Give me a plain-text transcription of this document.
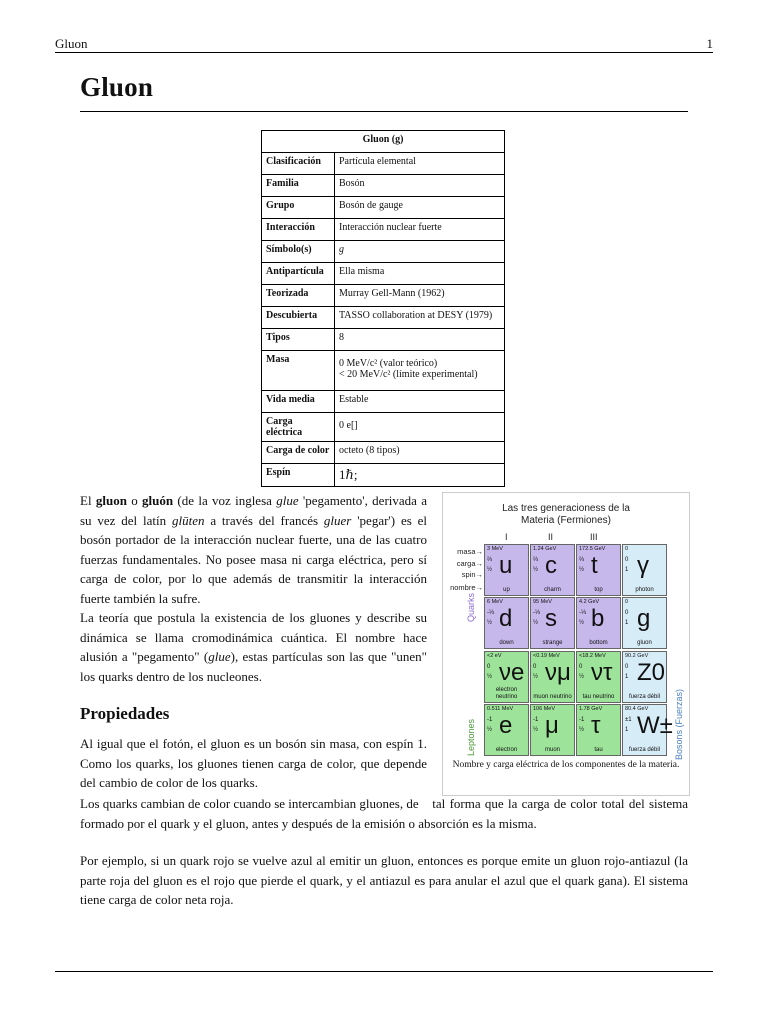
Gluon	1
Gluon
Gluon (g)	
Clasificación	Partícula elemental
Familia	Bosón
Grupo	Bosón de gauge
Interacción	Interacción nuclear fuerte
Símbolo(s)	g
Antipartícula	Ella misma
Teorizada	Murray Gell-Mann (1962)
Descubierta	TASSO collaboration at DESY (1979)
Tipos	8
Masa	0 MeV/c² (valor teórico)
< 20 MeV/c² (límite experimental)

Vida media	Estable
Carga eléctrica	0 e[]

Carga de color	octeto (8 tipos)
Espín	1ℏ;
El gluon o gluón (de la voz inglesa glue 'pegamento', derivada a su vez del latín glūten a través del francés gluer 'pegar') es el bosón portador de la interacción nuclear fuerte, una de las cuatro fuerzas fundamentales. No posee masa ni carga eléctrica, pero sí carga de color, por lo que además de transmitir la interacción fuerte también la sufre.
La teoría que postula la existencia de los gluones y describe su dinámica se llama cromodinámica cuántica. El nombre hace alusión a "pegamento" (glue), estas partículas son las que "unen" los quarks dentro de los nucleones.
Propiedades
Al igual que el fotón, el gluon es un bosón sin masa, con espín 1. Como los quarks, los gluones tienen carga de color, que depende del cambio de color de los quarks.
Los quarks cambian de color cuando se intercambian gluones, de tal forma que la carga de color total del sistema formado por el quark y el gluon, antes y después de la emisión o absorción es la misma.
Por ejemplo, si un quark rojo se vuelve azul al emitir un gluon, entonces es porque emite un gluon rojo-antiazul (la parte roja del gluon es el rojo que pierde el quark, y el antiazul es para anular el azul que el quark gana). El sistema tiene carga de color neta roja.
Las tres generacioness de la
Materia (Fermiones)
Nombre y carga eléctrica de los componentes de la materia.
I	II	III
masa→
carga→
spin→
nombre→
Quarks
Leptones	Bosons (Fuerzas)
3 MeV
⅔
½ u
up
1.24 GeV
⅔
½ c
charm
172.5 GeV
⅔
½ t
top
0
0
1 γ
photon
6 MeV
-⅓
½ d
down
95 MeV
-⅓
½ s
strange
4.2 GeV
-⅓
½ b
bottom
0
0
1 g
gluon
<2 eV
0
½ νe
electron neutrino
<0.19 MeV
0
½ νμ
muon neutrino
<18.2 MeV
0
½ ντ
tau neutrino
90.2 GeV
0
1 Z0
fuerza débil
0.511 MeV
-1
½ e
electron
106 MeV
-1
½ μ
muon
1.78 GeV
-1
½ τ
tau
80.4 GeV
±1
1 W±
fuerza débil
